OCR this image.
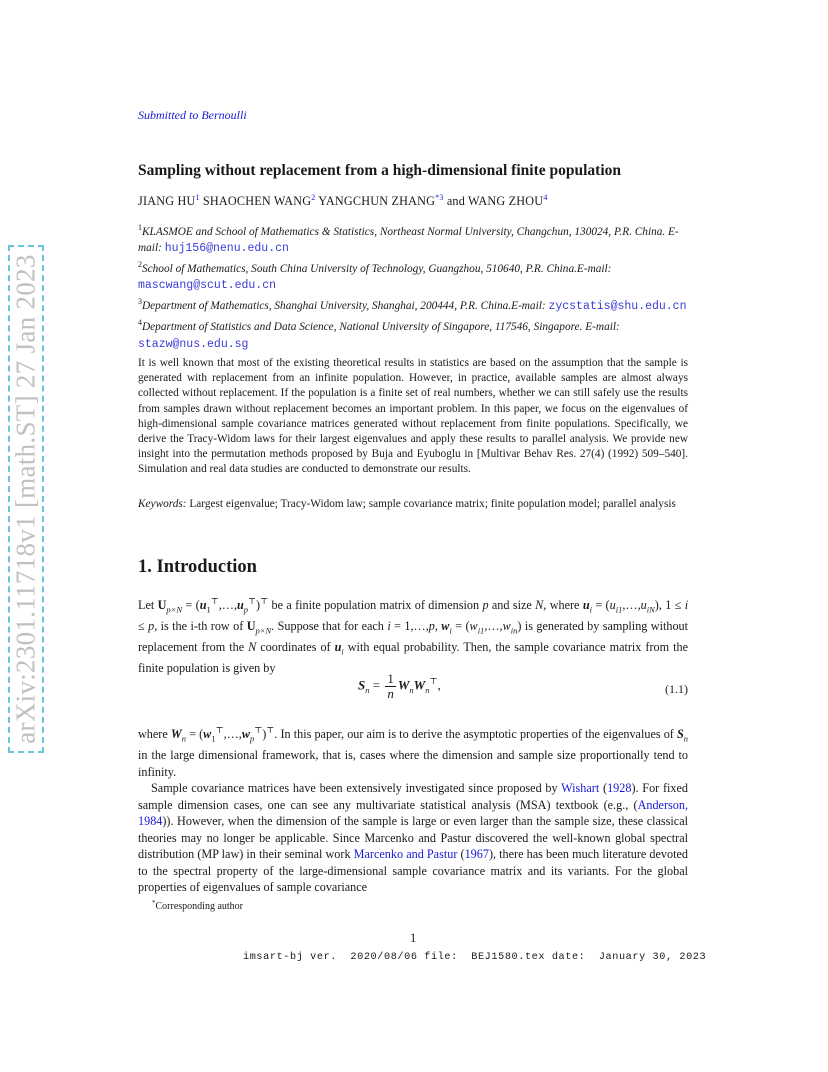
arXiv:2301.11718v1 [math.ST] 27 Jan 2023
Submitted to Bernoulli
Sampling without replacement from a high-dimensional finite population
JIANG $HU^1$ SHAOCHEN WANG$^2$ YANGCHUN ZHANG$^{*3}$ and WANG ZHOU$^4$
$^1$KLASMOE and School of Mathematics & Statistics, Northeast Normal University, Changchun, 130024, P.R. China. E-mail: huj156@nenu.edu.cn
$^2$School of Mathematics, South China University of Technology, Guangzhou, 510640, P.R. China.E-mail: mascwang@scut.edu.cn
$^3$Department of Mathematics, Shanghai University, Shanghai, 200444, P.R. China.E-mail: zycstatis@shu.edu.cn
$^4$Department of Statistics and Data Science, National University of Singapore, 117546, Singapore. E-mail: stazw@nus.edu.sg
It is well known that most of the existing theoretical results in statistics are based on the assumption that the sample is generated with replacement from an infinite population. However, in practice, available samples are almost always collected without replacement. If the population is a finite set of real numbers, whether we can still safely use the results from samples drawn without replacement becomes an important problem. In this paper, we focus on the eigenvalues of high-dimensional sample covariance matrices generated without replacement from finite populations. Specifically, we derive the Tracy-Widom laws for their largest eigenvalues and apply these results to parallel analysis. We provide new insight into the permutation methods proposed by Buja and Eyuboglu in [Multivar Behav Res. 27(4) (1992) 509–540]. Simulation and real data studies are conducted to demonstrate our results.
Keywords: Largest eigenvalue; Tracy-Widom law; sample covariance matrix; finite population model; parallel analysis
1. Introduction

Let $U_{p\times N}$ = $(u_1^⊤,\dots,u_p^⊤)^⊤$ be a finite population matrix of dimension p and size N, where $u_i$ = $(u_{i1},\dots,u_{iN})$, 1 ≤ i ≤ p, is the i-th row of $U_{p\times N}$. Suppose that for each i = 1,…,p, $w_i$ = $(w_{i1},\dots,w_{in})$ is generated by sampling without replacement from the N coordinates of $u_i$ with equal probability. Then, the sample covariance matrix from the finite population is given by

where $W_n$ = $(w_1^⊤,\dots,w_p^⊤)^⊤$. In this paper, our aim is to derive the asymptotic properties of the eigenvalues of $S_n$ in the large dimensional framework, that is, cases where the dimension and sample size proportionally tend to infinity.

Sample covariance matrices have been extensively investigated since proposed by Wishart (1928). For fixed sample dimension cases, one can see any multivariate statistical analysis (MSA) textbook (e.g., (Anderson, 1984)). However, when the dimension of the sample is large or even larger than the sample size, these classical theories may no longer be applicable. Since Marcenko and Pastur discovered the well-known global spectral distribution (MP law) in their seminal work Marcenko and Pastur (1967), there has been much literature devoted to the spectral property of the large-dimensional sample covariance matrix and its variants. For the global properties of eigenvalues of sample covariance

$S_n = \frac{1}{n} W_nW_n^⊤$,	(1.1)
*Corresponding author
1
imsart-bj ver.  2020/08/06 file:  BEJ1580.tex date:  January 30, 2023
